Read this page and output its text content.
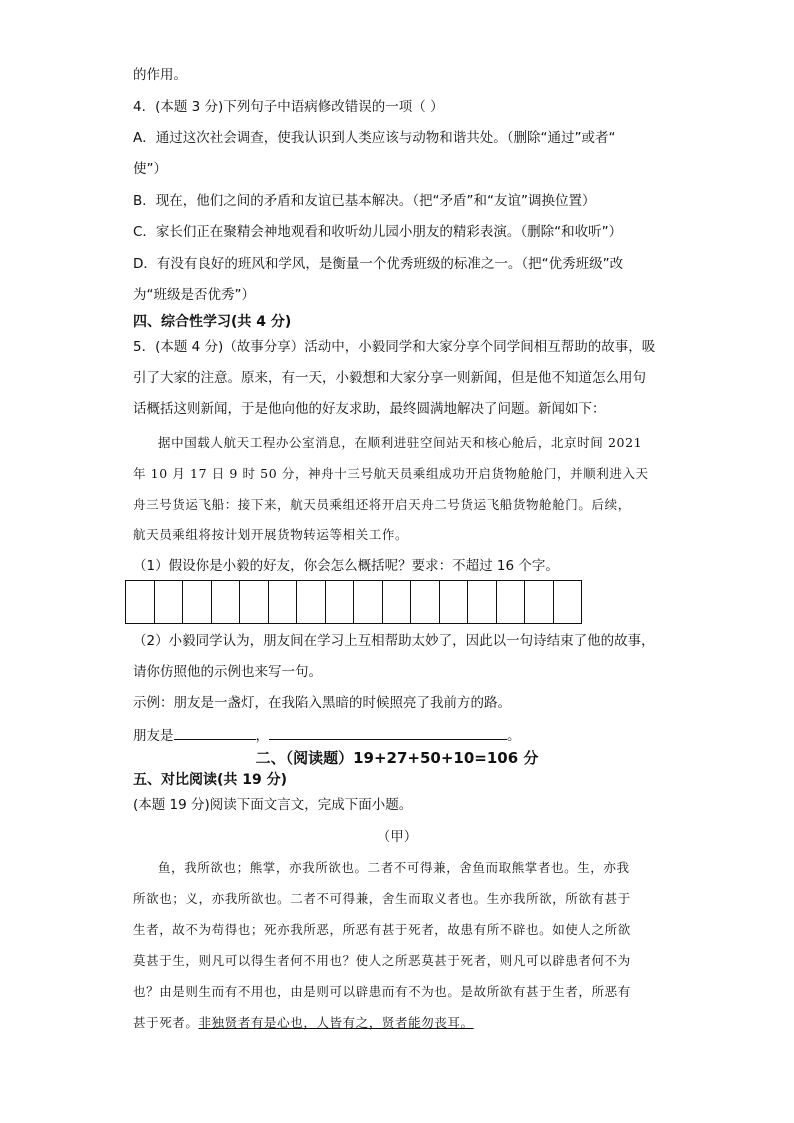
的作用。
4．(本题 3 分)下列句子中语病修改错误的一项（ ）
A．通过这次社会调查，使我认识到人类应该与动物和谐共处。（删除“通过”或者“
使”）
B．现在，他们之间的矛盾和友谊已基本解决。（把“矛盾”和“友谊”调换位置）
C．家长们正在聚精会神地观看和收听幼儿园小朋友的精彩表演。（删除“和收听”）
D．有没有良好的班风和学风，是衡量一个优秀班级的标准之一。（把“优秀班级”改
为“班级是否优秀”）
四、综合性学习(共 4 分)
5．(本题 4 分)（故事分享）活动中，小毅同学和大家分享个同学间相互帮助的故事，吸
引了大家的注意。原来，有一天，小毅想和大家分享一则新闻，但是他不知道怎么用句
话概括这则新闻，于是他向他的好友求助，最终圆满地解决了问题。新闻如下：
据中国载人航天工程办公室消息，在顺利进驻空间站天和核心舱后，北京时间 2021
年 10 月 17 日 9 时 50 分，神舟十三号航天员乘组成功开启货物舱舱门，并顺利进入天
舟三号货运飞船：接下来，航天员乘组还将开启天舟二号货运飞船货物舱舱门。后续，
航天员乘组将按计划开展货物转运等相关工作。
（1）假设你是小毅的好友，你会怎么概括呢？要求：不超过 16 个字。
（2）小毅同学认为，朋友间在学习上互相帮助太妙了，因此以一句诗结束了他的故事，
请你仿照他的示例也来写一句。
示例：朋友是一盏灯，在我陷入黑暗的时候照亮了我前方的路。
朋友是	，	。
二、（阅读题）19+27+50+10=106 分
五、对比阅读(共 19 分)
(本题 19 分)阅读下面文言文，完成下面小题。
（甲）
鱼，我所欲也；熊掌，亦我所欲也。二者不可得兼，舍鱼而取熊掌者也。生，亦我
所欲也；义，亦我所欲也。二者不可得兼，舍生而取义者也。生亦我所欲，所欲有甚于
生者，故不为苟得也；死亦我所恶，所恶有甚于死者，故患有所不辟也。如使人之所欲
莫甚于生，则凡可以得生者何不用也？使人之所恶莫甚于死者，则凡可以辟患者何不为
也？由是则生而有不用也，由是则可以辟患而有不为也。是故所欲有甚于生者，所恶有
甚于死者。非独贤者有是心也，人皆有之，贤者能勿丧耳。
